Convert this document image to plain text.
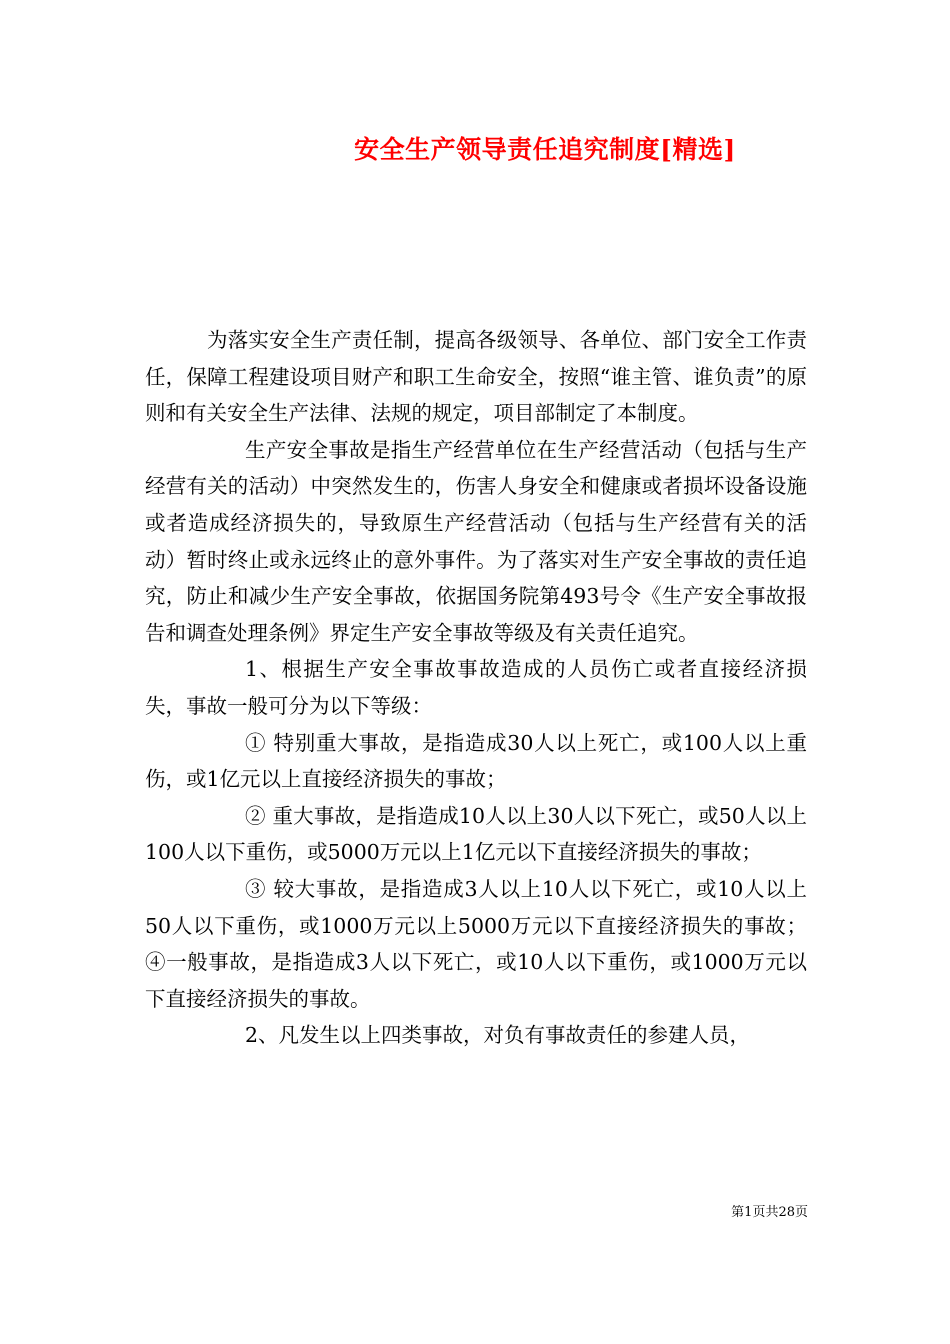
安全生产领导责任追究制度[精选]

为落实安全生产责任制，提高各级领导、各单位、部门安全工作责任，保障工程建设项目财产和职工生命安全，按照“谁主管、谁负责”的原则和有关安全生产法律、法规的规定，项目部制定了本制度。

生产安全事故是指生产经营单位在生产经营活动（包括与生产经营有关的活动）中突然发生的，伤害人身安全和健康或者损坏设备设施或者造成经济损失的，导致原生产经营活动（包括与生产经营有关的活动）暂时终止或永远终止的意外事件。为了落实对生产安全事故的责任追究，防止和减少生产安全事故，依据国务院第493号令《生产安全事故报告和调查处理条例》界定生产安全事故等级及有关责任追究。

1、根据生产安全事故事故造成的人员伤亡或者直接经济损失，事故一般可分为以下等级：

① 特别重大事故，是指造成30人以上死亡，或100人以上重伤，或1亿元以上直接经济损失的事故；

② 重大事故，是指造成10人以上30人以下死亡，或50人以上100人以下重伤，或5000万元以上1亿元以下直接经济损失的事故；

③ 较大事故，是指造成3人以上10人以下死亡，或10人以上50人以下重伤，或1000万元以上5000万元以下直接经济损失的事故；④一般事故，是指造成3人以下死亡，或10人以下重伤，或1000万元以下直接经济损失的事故。

2、凡发生以上四类事故，对负有事故责任的参建人员，

第1页共28页
